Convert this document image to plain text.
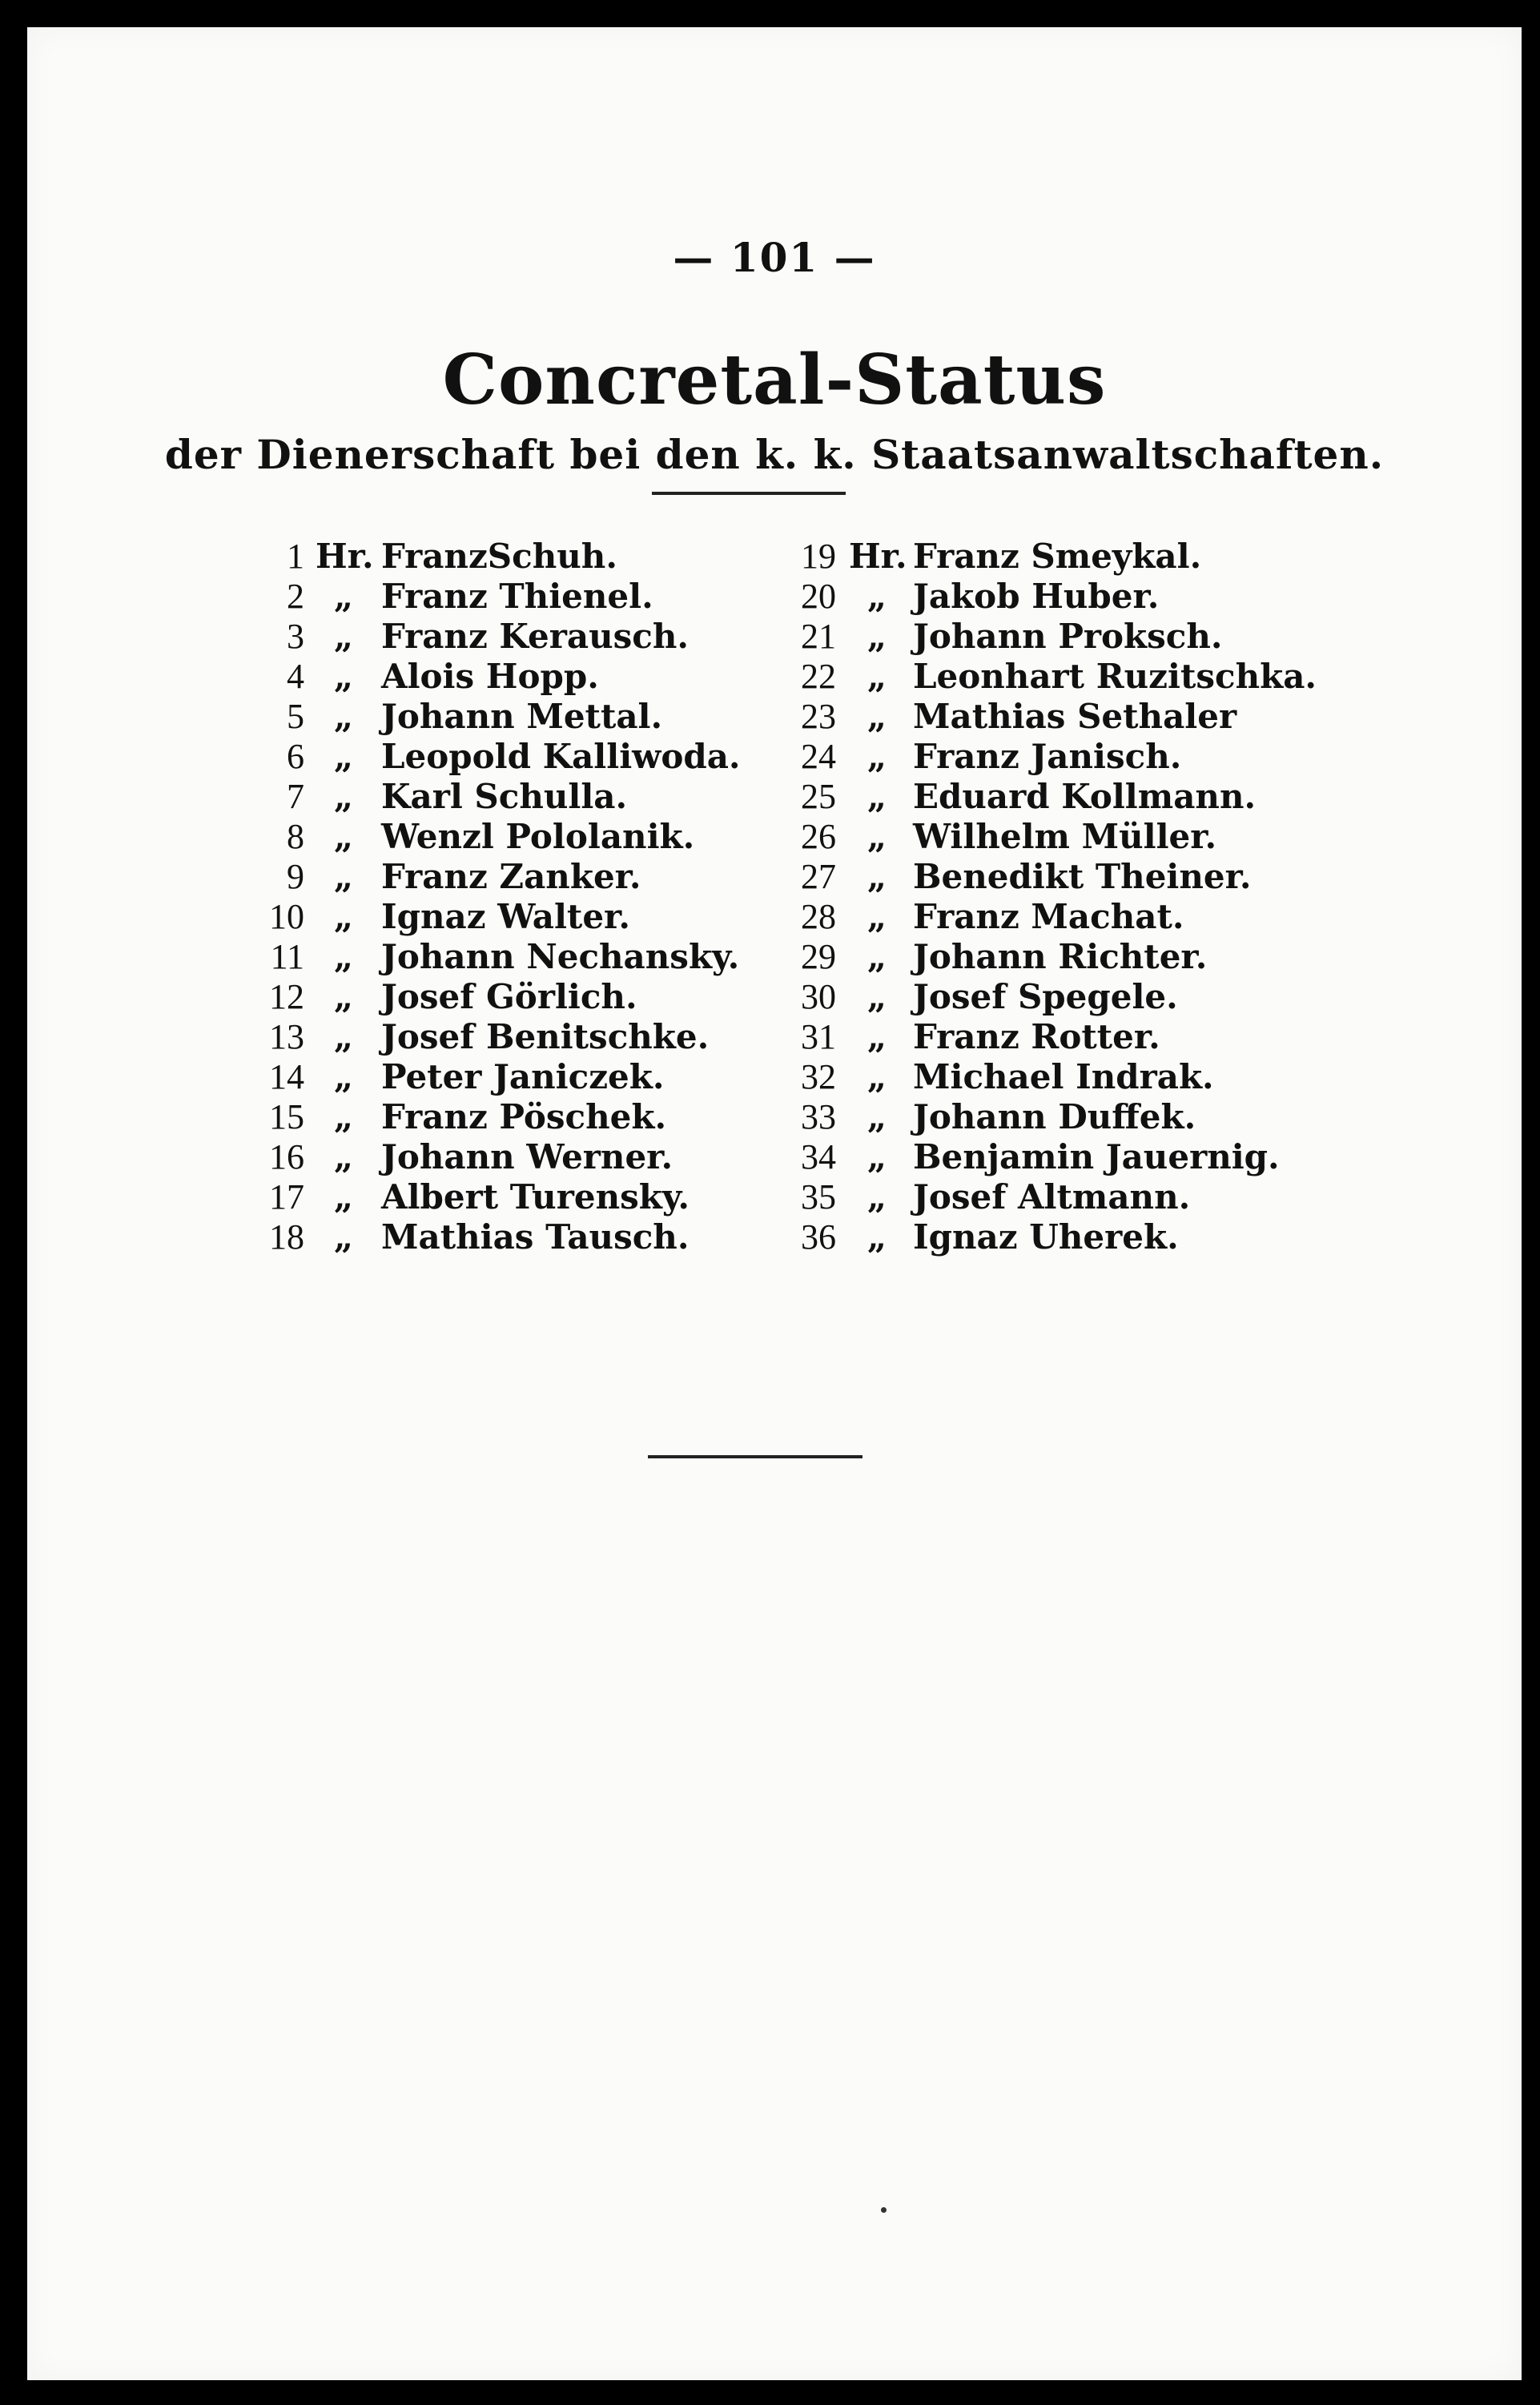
— 101 —
Concretal-Status
der Dienerschaft bei den k. k. Staatsanwaltschaften.
1 Hr. FranzSchuh.
2 „ Franz Thienel.
3 „ Franz Kerausch.
4 „ Alois Hopp.
5 „ Johann Mettal.
6 „ Leopold Kalliwoda.
7 „ Karl Schulla.
8 „ Wenzl Pololanik.
9 „ Franz Zanker.
10 „ Ignaz Walter.
11 „ Johann Nechansky.
12 „ Josef Görlich.
13 „ Josef Benitschke.
14 „ Peter Janiczek.
15 „ Franz Pöschek.
16 „ Johann Werner.
17 „ Albert Turensky.
18 „ Mathias Tausch.
19 Hr. Franz Smeykal.
20 „ Jakob Huber.
21 „ Johann Proksch.
22 „ Leonhart Ruzitschka.
23 „ Mathias Sethaler
24 „ Franz Janisch.
25 „ Eduard Kollmann.
26 „ Wilhelm Müller.
27 „ Benedikt Theiner.
28 „ Franz Machat.
29 „ Johann Richter.
30 „ Josef Spegele.
31 „ Franz Rotter.
32 „ Michael Indrak.
33 „ Johann Duffek.
34 „ Benjamin Jauernig.
35 „ Josef Altmann.
36 „ Ignaz Uherek.
